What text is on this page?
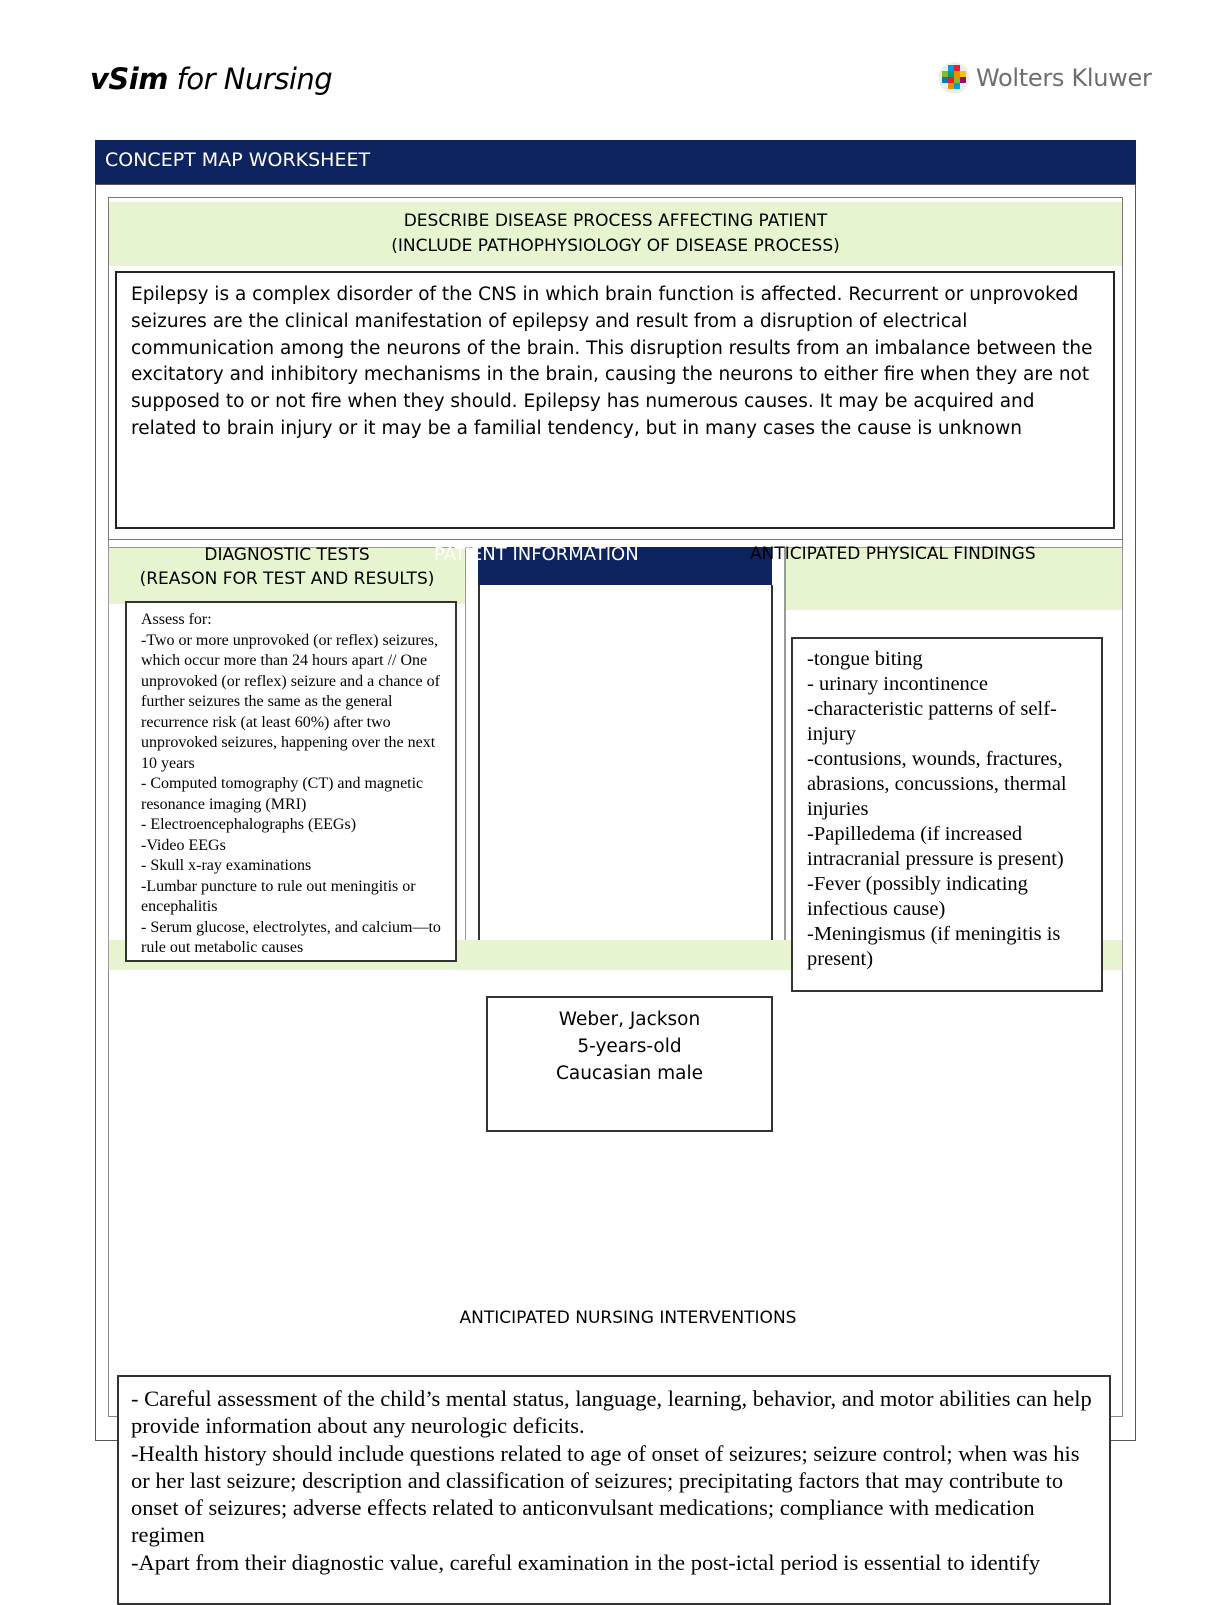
vSim for Nursing	Wolters Kluwer
CONCEPT MAP WORKSHEET
DESCRIBE DISEASE PROCESS AFFECTING PATIENT
(INCLUDE PATHOPHYSIOLOGY OF DISEASE PROCESS)
Epilepsy is a complex disorder of the CNS in which brain function is affected. Recurrent or unprovoked seizures are the clinical manifestation of epilepsy and result from a disruption of electrical communication among the neurons of the brain. This disruption results from an imbalance between the excitatory and inhibitory mechanisms in the brain, causing the neurons to either fire when they are not supposed to or not fire when they should. Epilepsy has numerous causes. It may be acquired and related to brain injury or it may be a familial tendency, but in many cases the cause is unknown
DIAGNOSTIC TESTS
(REASON FOR TEST AND RESULTS)
PATIENT INFORMATION	ANTICIPATED PHYSICAL FINDINGS
Assess for:
-Two or more unprovoked (or reflex) seizures, which occur more than 24 hours apart // One unprovoked (or reflex) seizure and a chance of further seizures the same as the general recurrence risk (at least 60%) after two unprovoked seizures, happening over the next 10 years
- Computed tomography (CT) and magnetic resonance imaging (MRI)
- Electroencephalographs (EEGs)
-Video EEGs
- Skull x-ray examinations
-Lumbar puncture to rule out meningitis or encephalitis
- Serum glucose, electrolytes, and calcium—to rule out metabolic causes
-tongue biting
- urinary incontinence
-characteristic patterns of self-injury
-contusions, wounds, fractures, abrasions, concussions, thermal injuries
-Papilledema (if increased intracranial pressure is present)
-Fever (possibly indicating infectious cause)
-Meningismus (if meningitis is present)
Weber, Jackson
5-years-old
Caucasian male
ANTICIPATED NURSING INTERVENTIONS
- Careful assessment of the child’s mental status, language, learning, behavior, and motor abilities can help provide information about any neurologic deficits.
-Health history should include questions related to age of onset of seizures; seizure control; when was his or her last seizure; description and classification of seizures; precipitating factors that may contribute to onset of seizures; adverse effects related to anticonvulsant medications; compliance with medication regimen
-Apart from their diagnostic value, careful examination in the post-ictal period is essential to identify
